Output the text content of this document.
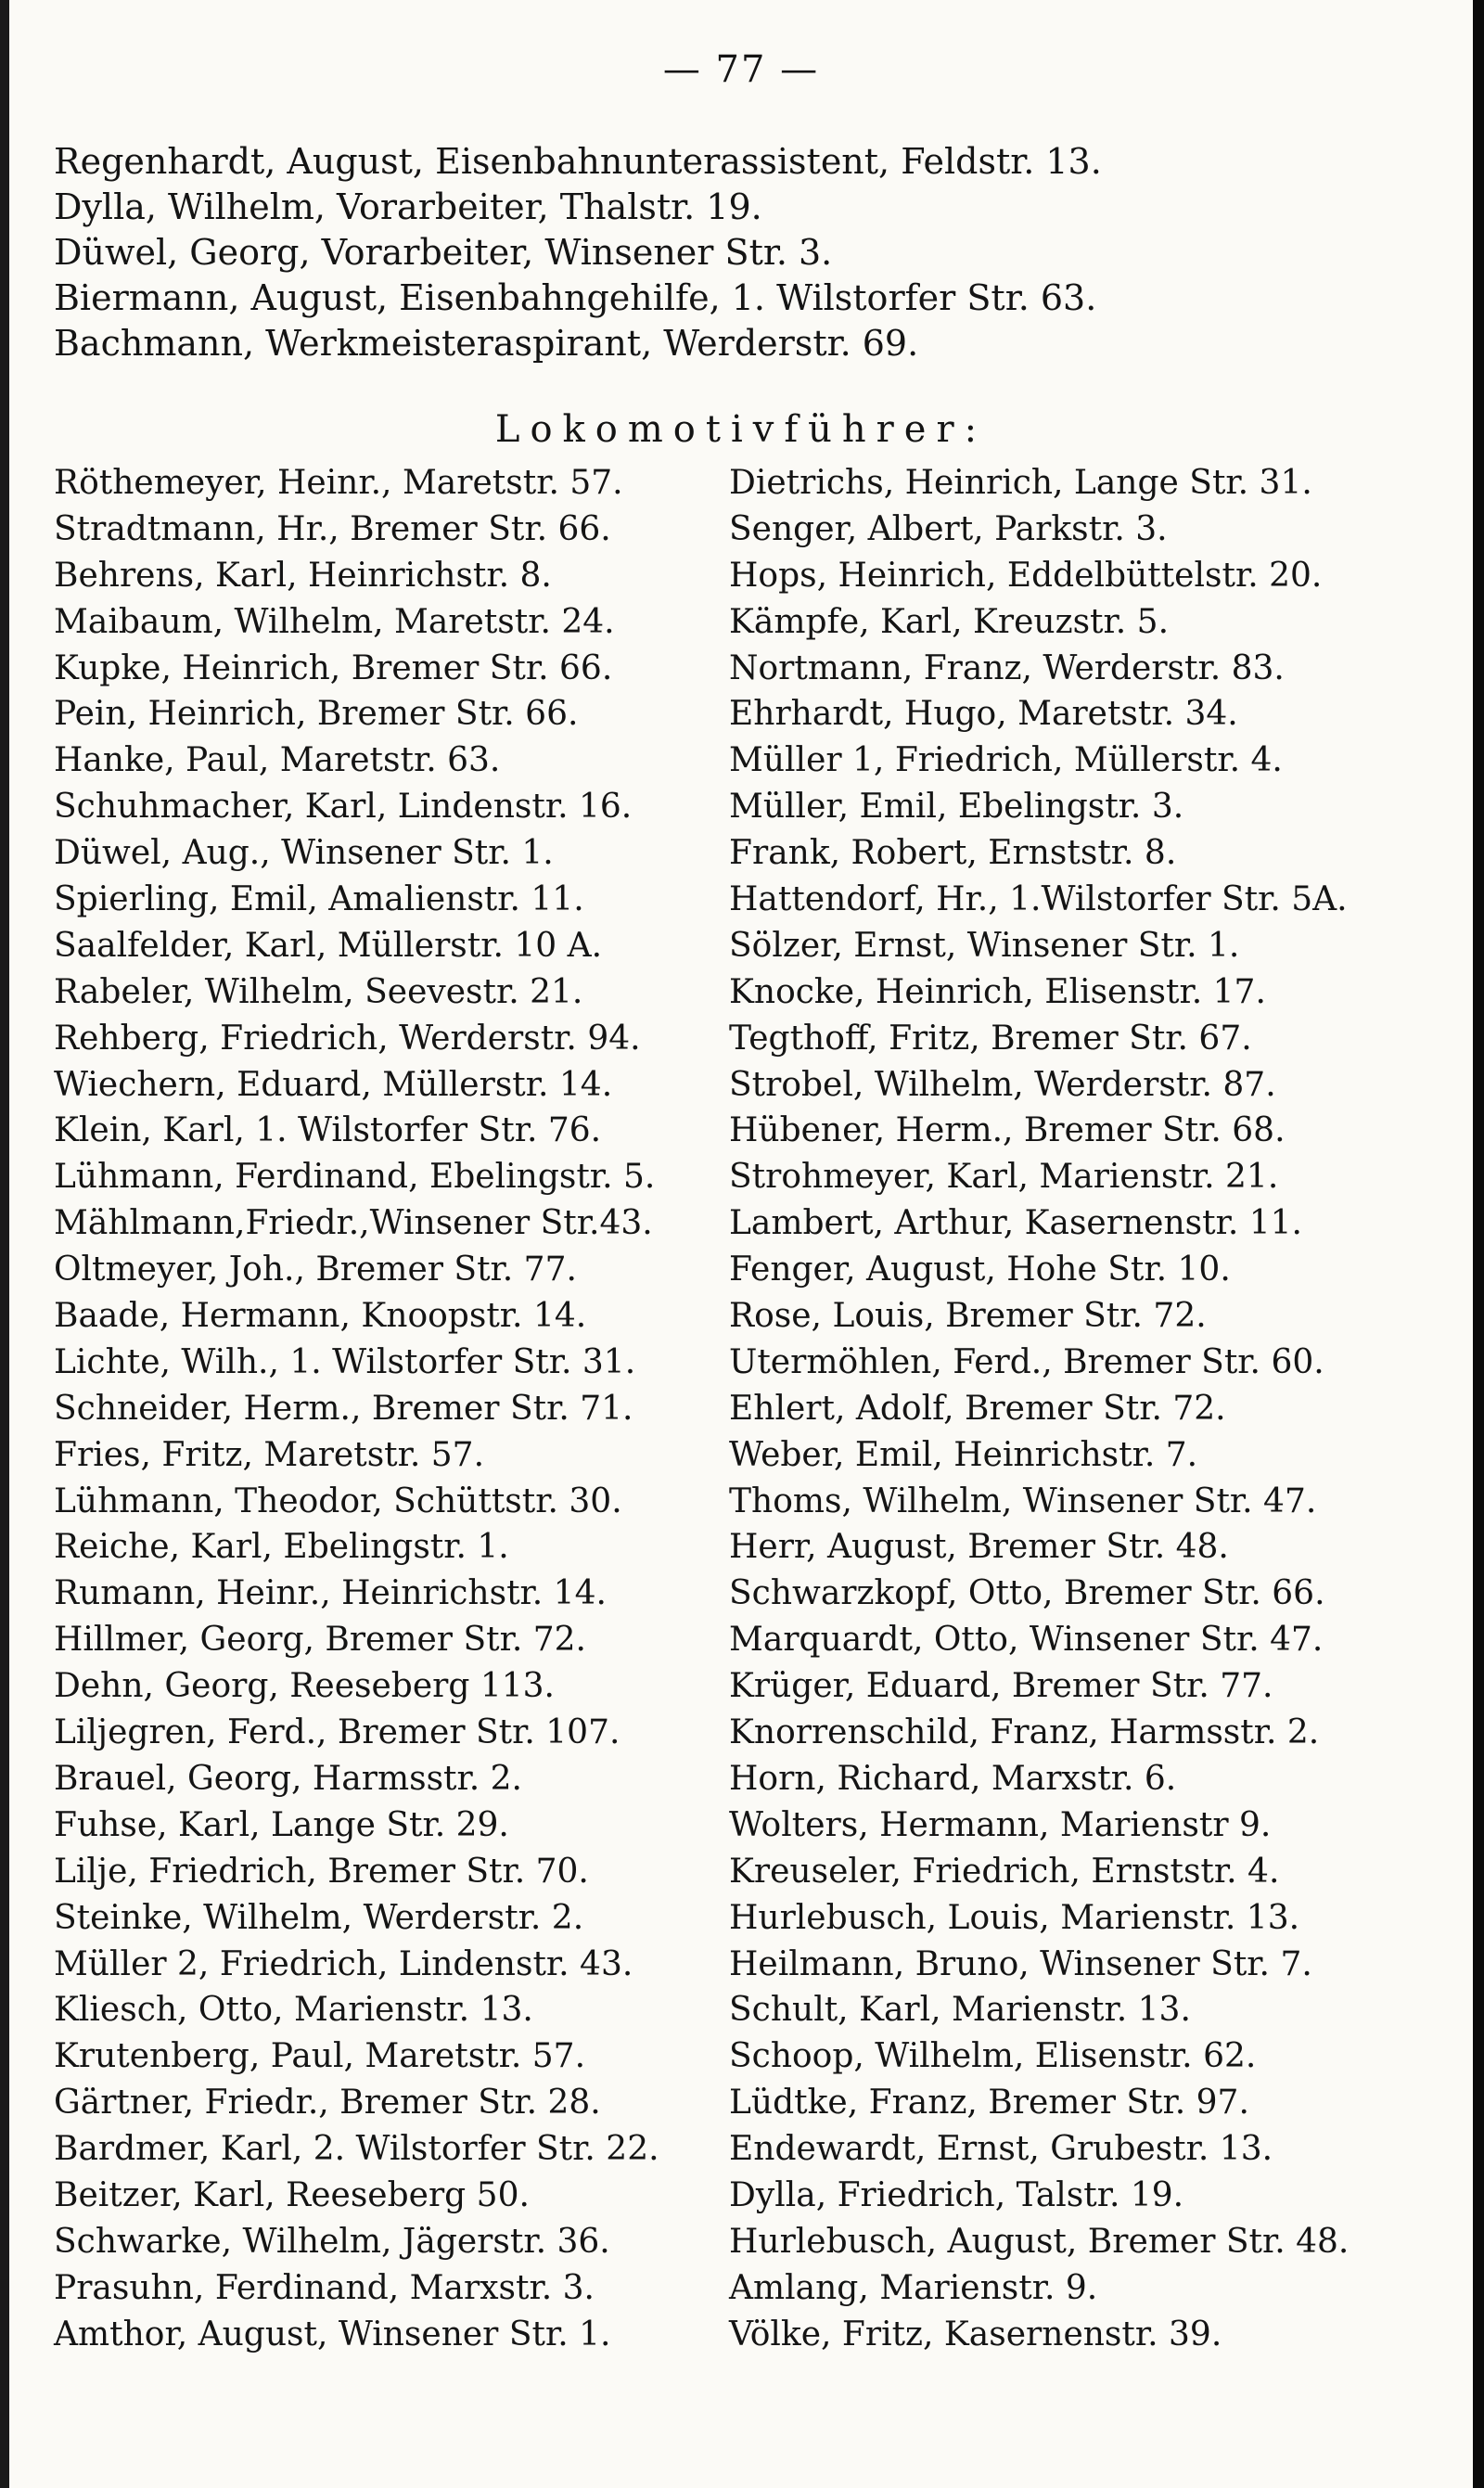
— 77 —
Regenhardt, August, Eisenbahnunterassistent, Feldstr. 13.
Dylla, Wilhelm, Vorarbeiter, Thalstr. 19.
Düwel, Georg, Vorarbeiter, Winsener Str. 3.
Biermann, August, Eisenbahngehilfe, 1. Wilstorfer Str. 63.
Bachmann, Werkmeisteraspirant, Werderstr. 69.
Lokomotivführer:
Röthemeyer, Heinr., Maretstr. 57.	Dietrichs, Heinrich, Lange Str. 31.
Stradtmann, Hr., Bremer Str. 66.	Senger, Albert, Parkstr. 3.
Behrens, Karl, Heinrichstr. 8.	Hops, Heinrich, Eddelbüttelstr. 20.
Maibaum, Wilhelm, Maretstr. 24.	Kämpfe, Karl, Kreuzstr. 5.
Kupke, Heinrich, Bremer Str. 66.	Nortmann, Franz, Werderstr. 83.
Pein, Heinrich, Bremer Str. 66.	Ehrhardt, Hugo, Maretstr. 34.
Hanke, Paul, Maretstr. 63.	Müller 1, Friedrich, Müllerstr. 4.
Schuhmacher, Karl, Lindenstr. 16.	Müller, Emil, Ebelingstr. 3.
Düwel, Aug., Winsener Str. 1.	Frank, Robert, Ernststr. 8.
Spierling, Emil, Amalienstr. 11.	Hattendorf, Hr., 1.Wilstorfer Str. 5A.
Saalfelder, Karl, Müllerstr. 10 A.	Sölzer, Ernst, Winsener Str. 1.
Rabeler, Wilhelm, Seevestr. 21.	Knocke, Heinrich, Elisenstr. 17.
Rehberg, Friedrich, Werderstr. 94.	Tegthoff, Fritz, Bremer Str. 67.
Wiechern, Eduard, Müllerstr. 14.	Strobel, Wilhelm, Werderstr. 87.
Klein, Karl, 1. Wilstorfer Str. 76.	Hübener, Herm., Bremer Str. 68.
Lühmann, Ferdinand, Ebelingstr. 5.	Strohmeyer, Karl, Marienstr. 21.
Mählmann,Friedr.,Winsener Str.43.	Lambert, Arthur, Kasernenstr. 11.
Oltmeyer, Joh., Bremer Str. 77.	Fenger, August, Hohe Str. 10.
Baade, Hermann, Knoopstr. 14.	Rose, Louis, Bremer Str. 72.
Lichte, Wilh., 1. Wilstorfer Str. 31.	Utermöhlen, Ferd., Bremer Str. 60.
Schneider, Herm., Bremer Str. 71.	Ehlert, Adolf, Bremer Str. 72.
Fries, Fritz, Maretstr. 57.	Weber, Emil, Heinrichstr. 7.
Lühmann, Theodor, Schüttstr. 30.	Thoms, Wilhelm, Winsener Str. 47.
Reiche, Karl, Ebelingstr. 1.	Herr, August, Bremer Str. 48.
Rumann, Heinr., Heinrichstr. 14.	Schwarzkopf, Otto, Bremer Str. 66.
Hillmer, Georg, Bremer Str. 72.	Marquardt, Otto, Winsener Str. 47.
Dehn, Georg, Reeseberg 113.	Krüger, Eduard, Bremer Str. 77.
Liljegren, Ferd., Bremer Str. 107.	Knorrenschild, Franz, Harmsstr. 2.
Brauel, Georg, Harmsstr. 2.	Horn, Richard, Marxstr. 6.
Fuhse, Karl, Lange Str. 29.	Wolters, Hermann, Marienstr 9.
Lilje, Friedrich, Bremer Str. 70.	Kreuseler, Friedrich, Ernststr. 4.
Steinke, Wilhelm, Werderstr. 2.	Hurlebusch, Louis, Marienstr. 13.
Müller 2, Friedrich, Lindenstr. 43.	Heilmann, Bruno, Winsener Str. 7.
Kliesch, Otto, Marienstr. 13.	Schult, Karl, Marienstr. 13.
Krutenberg, Paul, Maretstr. 57.	Schoop, Wilhelm, Elisenstr. 62.
Gärtner, Friedr., Bremer Str. 28.	Lüdtke, Franz, Bremer Str. 97.
Bardmer, Karl, 2. Wilstorfer Str. 22.	Endewardt, Ernst, Grubestr. 13.
Beitzer, Karl, Reeseberg 50.	Dylla, Friedrich, Talstr. 19.
Schwarke, Wilhelm, Jägerstr. 36.	Hurlebusch, August, Bremer Str. 48.
Prasuhn, Ferdinand, Marxstr. 3.	Amlang, Marienstr. 9.
Amthor, August, Winsener Str. 1.	Völke, Fritz, Kasernenstr. 39.
